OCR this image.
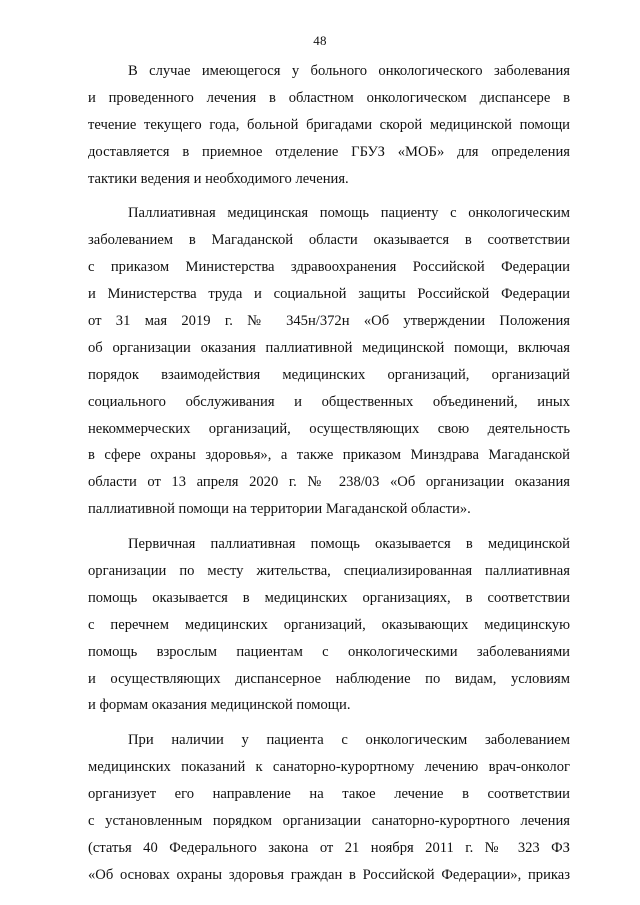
48
В случае имеющегося у больного онкологического заболевания
и проведенного лечения в областном онкологическом диспансере в
течение текущего года, больной бригадами скорой медицинской помощи
доставляется в приемное отделение ГБУЗ «МОБ» для определения
тактики ведения и необходимого лечения.
Паллиативная медицинская помощь пациенту с онкологическим
заболеванием в Магаданской области оказывается в соответствии
с приказом Министерства здравоохранения Российской Федерации
и Министерства труда и социальной защиты Российской Федерации
от 31 мая 2019 г. № 345н/372н «Об утверждении Положения
об организации оказания паллиативной медицинской помощи, включая
порядок взаимодействия медицинских организаций, организаций
социального обслуживания и общественных объединений, иных
некоммерческих организаций, осуществляющих свою деятельность
в сфере охраны здоровья», а также приказом Минздрава Магаданской
области от 13 апреля 2020 г. № 238/03 «Об организации оказания
паллиативной помощи на территории Магаданской области».
Первичная паллиативная помощь оказывается в медицинской
организации по месту жительства, специализированная паллиативная
помощь оказывается в медицинских организациях, в соответствии
с перечнем медицинских организаций, оказывающих медицинскую
помощь взрослым пациентам с онкологическими заболеваниями
и осуществляющих диспансерное наблюдение по видам, условиям
и формам оказания медицинской помощи.
При наличии у пациента с онкологическим заболеванием
медицинских показаний к санаторно-курортному лечению врач-онколог
организует его направление на такое лечение в соответствии
с установленным порядком организации санаторно-курортного лечения
(статья 40 Федерального закона от 21 ноября 2011 г. № 323 ФЗ
«Об основах охраны здоровья граждан в Российской Федерации», приказ
